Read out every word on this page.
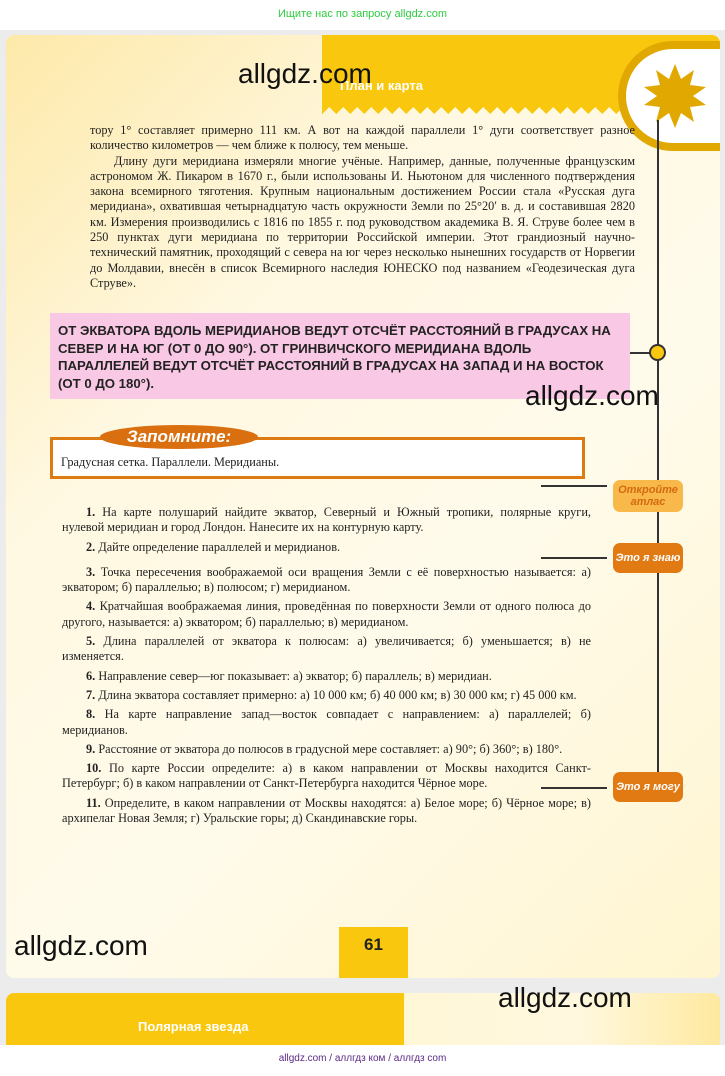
Ищите нас по запросу allgdz.com
План и карта
тору 1° составляет примерно 111 км. А вот на каждой параллели 1° дуги соответствует разное количество километров — чем ближе к полюсу, тем меньше.

Длину дуги меридиана измеряли многие учёные. Например, данные, полученные французским астрономом Ж. Пикаром в 1670 г., были использованы И. Ньютоном для численного подтверждения закона всемирного тяготения. Крупным национальным достижением России стала «Русская дуга меридиана», охватившая четырнадцатую часть окружности Земли по 25°20′ в. д. и составившая 2820 км. Измерения производились с 1816 по 1855 г. под руководством академика В. Я. Струве более чем в 250 пунктах дуги меридиана по территории Российской империи. Этот грандиозный научно-технический памятник, проходящий с севера на юг через несколько нынешних государств от Норвегии до Молдавии, внесён в список Всемирного наследия ЮНЕСКО под названием «Геодезическая дуга Струве».

Откройте атлас
Это я знаю
Это я могу

1. На карте полушарий найдите экватор, Северный и Южный тропики, полярные круги, нулевой меридиан и город Лондон. Нанесите их на контурную карту.

2. Дайте определение параллелей и меридианов.

3. Точка пересечения воображаемой оси вращения Земли с её поверхностью называется: а) экватором; б) параллелью; в) полюсом; г) меридианом.

4. Кратчайшая воображаемая линия, проведённая по поверхности Земли от одного полюса до другого, называется: а) экватором; б) параллелью; в) меридианом.

5. Длина параллелей от экватора к полюсам: а) увеличивается; б) уменьшается; в) не изменяется.

6. Направление север—юг показывает: а) экватор; б) параллель; в) меридиан.

7. Длина экватора составляет примерно: а) 10 000 км; б) 40 000 км; в) 30 000 км; г) 45 000 км.

8. На карте направление запад—восток совпадает с направлением: а) параллелей; б) меридианов.

9. Расстояние от экватора до полюсов в градусной мере составляет: а) 90°; б) 360°; в) 180°.

10. По карте России определите: а) в каком направлении от Москвы находится Санкт-Петербург; б) в каком направлении от Санкт-Петербурга находится Чёрное море.

11. Определите, в каком направлении от Москвы находятся: а) Белое море; б) Чёрное море; в) архипелаг Новая Земля; г) Уральские горы; д) Скандинавские горы.

61
ОТ ЭКВАТОРА ВДОЛЬ МЕРИДИАНОВ ВЕДУТ ОТСЧЁТ РАССТОЯНИЙ В ГРАДУСАХ НА СЕВЕР И НА ЮГ (ОТ 0 ДО 90°). ОТ ГРИНВИЧСКОГО МЕРИДИАНА ВДОЛЬ ПАРАЛЛЕЛЕЙ ВЕДУТ ОТСЧЁТ РАССТОЯНИЙ В ГРАДУСАХ НА ЗАПАД И НА ВОСТОК (ОТ 0 ДО 180°).
Градусная сетка. Параллели. Меридианы.
Запомните:
Полярная звезда
allgdz.com
allgdz.com
allgdz.com
allgdz.com
allgdz.com / аллгдз ком / аллгдз com
